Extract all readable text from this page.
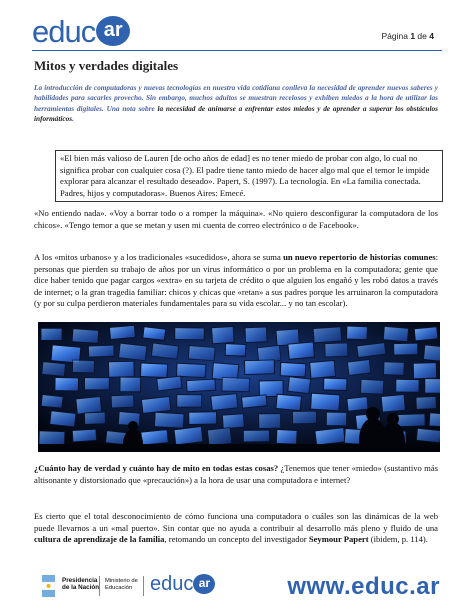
educ ar	Página 1 de 4
Mitos y verdades digitales
La introducción de computadoras y nuevas tecnologías en nuestra vida cotidiana conlleva la necesidad de aprender nuevos saberes y habilidades para sacarles provecho. Sin embargo, muchos adultos se muestran recelosos y exhiben miedos a la hora de utilizar las herramientas digitales. Una nota sobre la necesidad de animarse a enfrentar estos miedos y de aprender a superar los obstáculos informáticos.
«El bien más valioso de Lauren [de ocho años de edad] es no tener miedo de probar con algo, lo cual no significa probar con cualquier cosa (?). El padre tiene tanto miedo de hacer algo mal que el temor le impide explorar para alcanzar el resultado deseado». Papert, S. (1997). La tecnología. En «La familia conectada. Padres, hijos y computadoras». Buenos Aires: Emecé.
«No entiendo nada». «Voy a borrar todo o a romper la máquina». «No quiero desconfigurar la computadora de los chicos». «Tengo temor a que se metan y usen mi cuenta de correo electrónico o de Facebook».
A los «mitos urbanos» y a los tradicionales «sucedidos», ahora se suma un nuevo repertorio de historias comunes: personas que pierden su trabajo de años por un virus informático o por un problema en la computadora; gente que dice haber tenido que pagar cargos «extra» en su tarjeta de crédito o que alguien los engañó y les robó datos a través de internet; o la gran tragedia familiar: chicos y chicas que «retan» a sus padres porque les arruinaron la computadora (y por su culpa perdieron materiales fundamentales para su vida escolar... y no tan escolar).
¿Cuánto hay de verdad y cuánto hay de mito en todas estas cosas? ¿Tenemos que tener «miedo» (sustantivo más altisonante y distorsionado que «precaución») a la hora de usar una computadora e internet?
Es cierto que el total desconocimiento de cómo funciona una computadora o cuáles son las dinámicas de la web puede llevarnos a un «mal puerto». Sin contar que no ayuda a contribuir al desarrollo más pleno y fluido de una cultura de aprendizaje de la familia, retomando un concepto del investigador Seymour Papert (ibidem, p. 114).
Presidencia
de la Nación
Ministerio de
Educación educ ar	www.educ.ar
